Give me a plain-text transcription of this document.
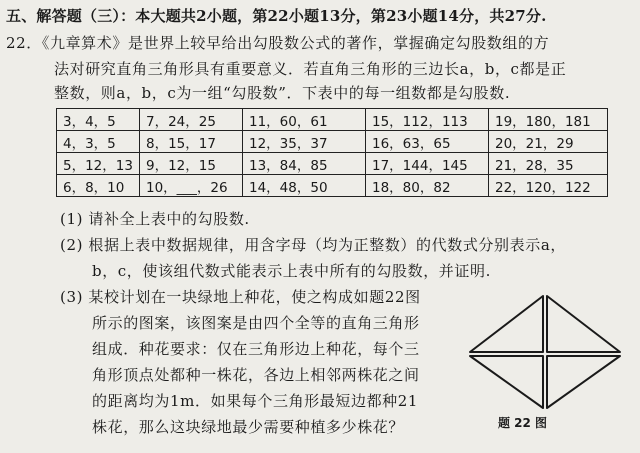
五、解答题（三）：本大题共2小题，第22小题13分，第23小题14分，共27分.
22．《九章算术》是世界上较早给出勾股数公式的著作，掌握确定勾股数组的方
法对研究直角三角形具有重要意义．若直角三角形的三边长a，b，c都是正
整数，则a，b，c为一组“勾股数”．下表中的每一组数都是勾股数.
3，4，5	7，24，25	11，60，61	15，112，113	19，180，181
4，3，5	8，15，17	12，35，37	16，63，65	20，21，29
5，12，13	9，12，15	13，84，85	17，144，145	21，28，35
6，8，10	10，___，26	14，48，50	18，80，82	22，120，122
(1) 请补全上表中的勾股数.
(2) 根据上表中数据规律，用含字母（均为正整数）的代数式分别表示a，
b，c，使该组代数式能表示上表中所有的勾股数，并证明.
(3) 某校计划在一块绿地上种花，使之构成如题22图
所示的图案，该图案是由四个全等的直角三角形
组成．种花要求：仅在三角形边上种花，每个三
角形顶点处都种一株花，各边上相邻两株花之间
的距离均为1m．如果每个三角形最短边都种21
株花，那么这块绿地最少需要种植多少株花？	题 22 图
